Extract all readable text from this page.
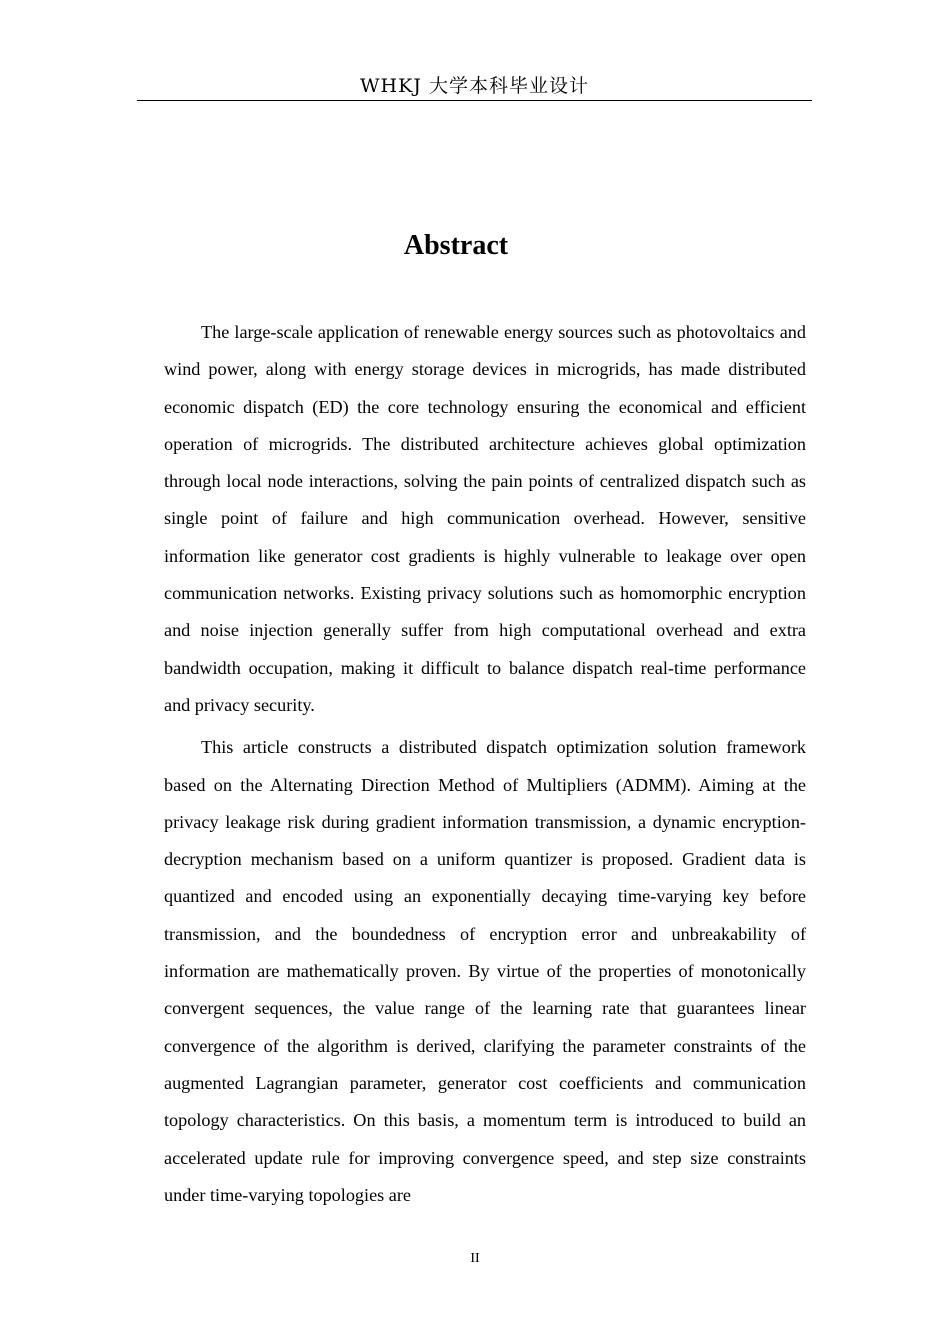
WHKJ 大学本科毕业设计
Abstract

The large-scale application of renewable energy sources such as photovoltaics and wind power, along with energy storage devices in microgrids, has made distributed economic dispatch (ED) the core technology ensuring the economical and efficient operation of microgrids. The distributed architecture achieves global optimization through local node interactions, solving the pain points of centralized dispatch such as single point of failure and high communication overhead. However, sensitive information like generator cost gradients is highly vulnerable to leakage over open communication networks. Existing privacy solutions such as homomorphic encryption and noise injection generally suffer from high computational overhead and extra bandwidth occupation, making it difficult to balance dispatch real-time performance and privacy security.

This article constructs a distributed dispatch optimization solution framework based on the Alternating Direction Method of Multipliers (ADMM). Aiming at the privacy leakage risk during gradient information transmission, a dynamic encryption-decryption mechanism based on a uniform quantizer is proposed. Gradient data is quantized and encoded using an exponentially decaying time-varying key before transmission, and the boundedness of encryption error and unbreakability of information are mathematically proven. By virtue of the properties of monotonically convergent sequences, the value range of the learning rate that guarantees linear convergence of the algorithm is derived, clarifying the parameter constraints of the augmented Lagrangian parameter, generator cost coefficients and communication topology characteristics. On this basis, a momentum term is introduced to build an accelerated update rule for improving convergence speed, and step size constraints under time-varying topologies are

II
